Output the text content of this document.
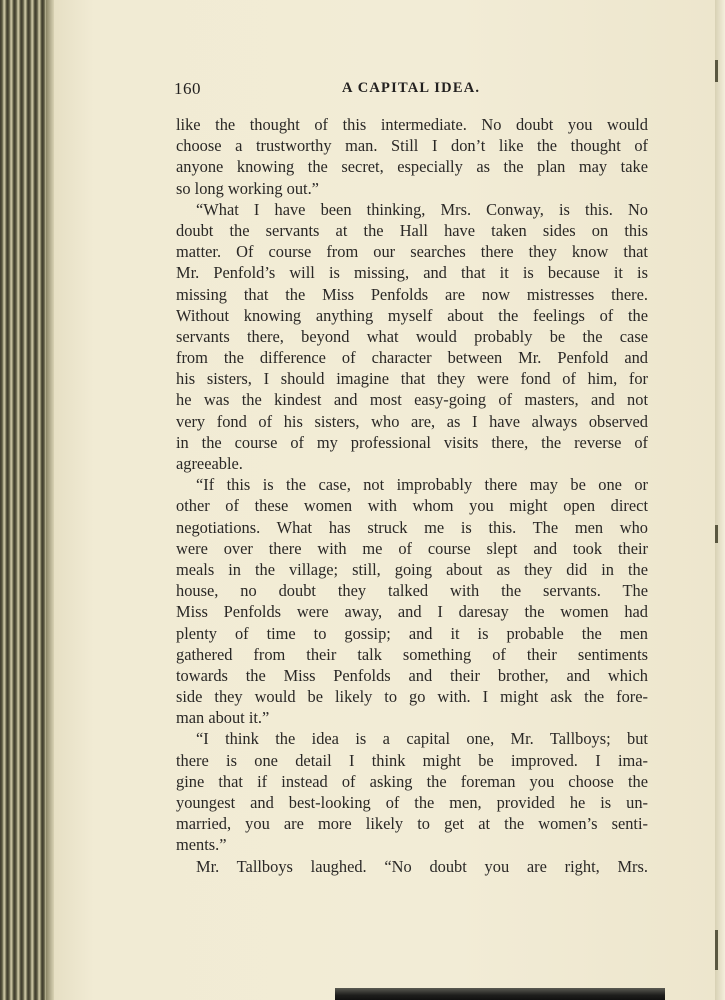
160	A CAPITAL IDEA.
like the thought of this intermediate. No doubt you would
choose a trustworthy man. Still I don’t like the thought of
anyone knowing the secret, especially as the plan may take
so long working out.”
“What I have been thinking, Mrs. Conway, is this. No
doubt the servants at the Hall have taken sides on this
matter. Of course from our searches there they know that
Mr. Penfold’s will is missing, and that it is because it is
missing that the Miss Penfolds are now mistresses there.
Without knowing anything myself about the feelings of the
servants there, beyond what would probably be the case
from the difference of character between Mr. Penfold and
his sisters, I should imagine that they were fond of him, for
he was the kindest and most easy-going of masters, and not
very fond of his sisters, who are, as I have always observed
in the course of my professional visits there, the reverse of
agreeable.
“If this is the case, not improbably there may be one or
other of these women with whom you might open direct
negotiations. What has struck me is this. The men who
were over there with me of course slept and took their
meals in the village; still, going about as they did in the
house, no doubt they talked with the servants. The
Miss Penfolds were away, and I daresay the women had
plenty of time to gossip; and it is probable the men
gathered from their talk something of their sentiments
towards the Miss Penfolds and their brother, and which
side they would be likely to go with. I might ask the fore-
man about it.”
“I think the idea is a capital one, Mr. Tallboys; but
there is one detail I think might be improved. I ima-
gine that if instead of asking the foreman you choose the
youngest and best-looking of the men, provided he is un-
married, you are more likely to get at the women’s senti-
ments.”
Mr. Tallboys laughed. “No doubt you are right, Mrs.
